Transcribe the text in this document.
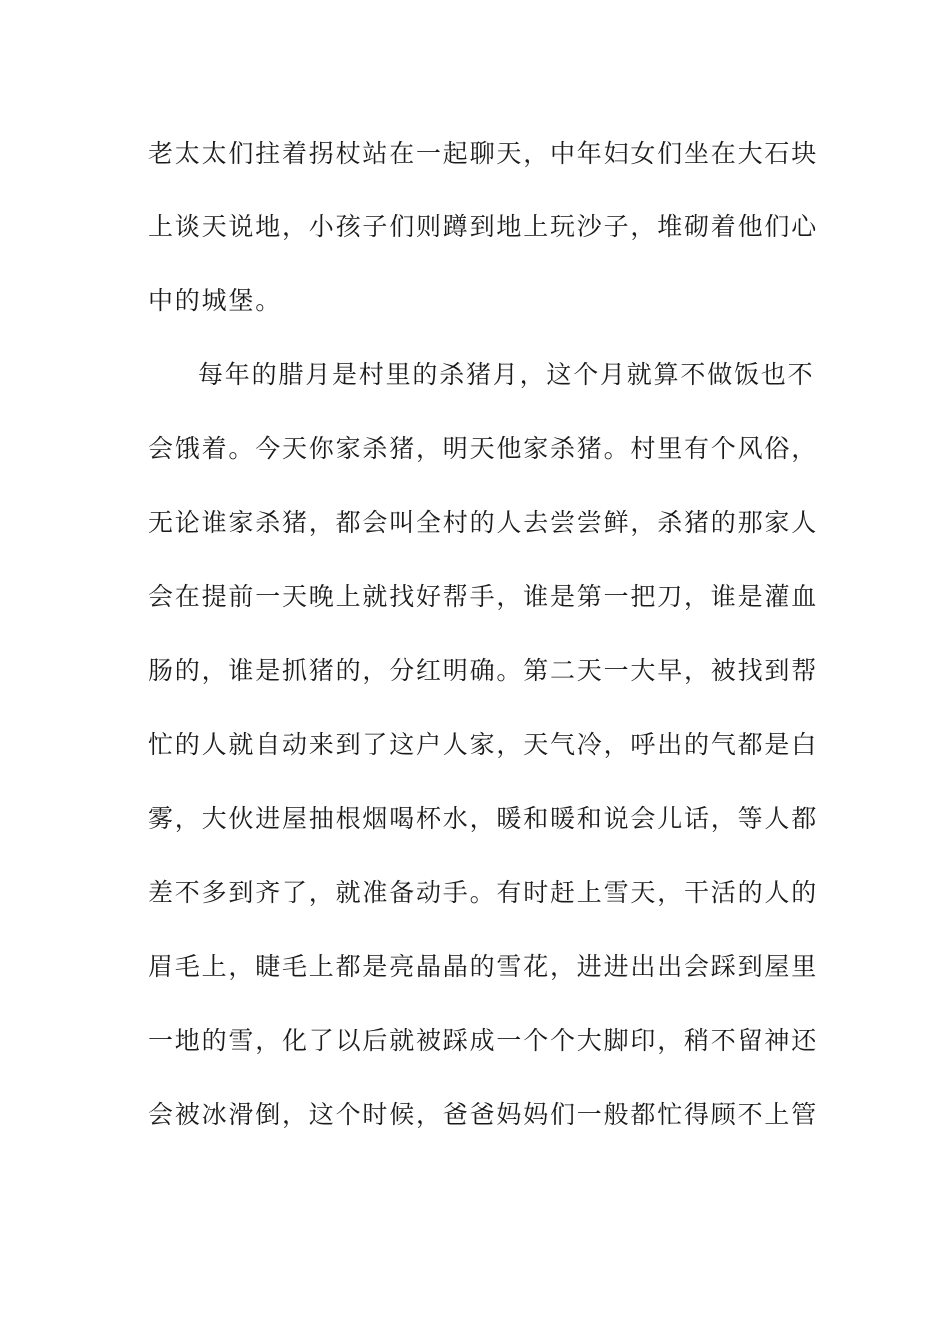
老太太们拄着拐杖站在一起聊天，中年妇女们坐在大石块
上谈天说地，小孩子们则蹲到地上玩沙子，堆砌着他们心
中的城堡。
每年的腊月是村里的杀猪月，这个月就算不做饭也不
会饿着。今天你家杀猪，明天他家杀猪。村里有个风俗，
无论谁家杀猪，都会叫全村的人去尝尝鲜，杀猪的那家人
会在提前一天晚上就找好帮手，谁是第一把刀，谁是灌血
肠的，谁是抓猪的，分红明确。第二天一大早，被找到帮
忙的人就自动来到了这户人家，天气冷，呼出的气都是白
雾，大伙进屋抽根烟喝杯水，暖和暖和说会儿话，等人都
差不多到齐了，就准备动手。有时赶上雪天，干活的人的
眉毛上，睫毛上都是亮晶晶的雪花，进进出出会踩到屋里
一地的雪，化了以后就被踩成一个个大脚印，稍不留神还
会被冰滑倒，这个时候，爸爸妈妈们一般都忙得顾不上管
